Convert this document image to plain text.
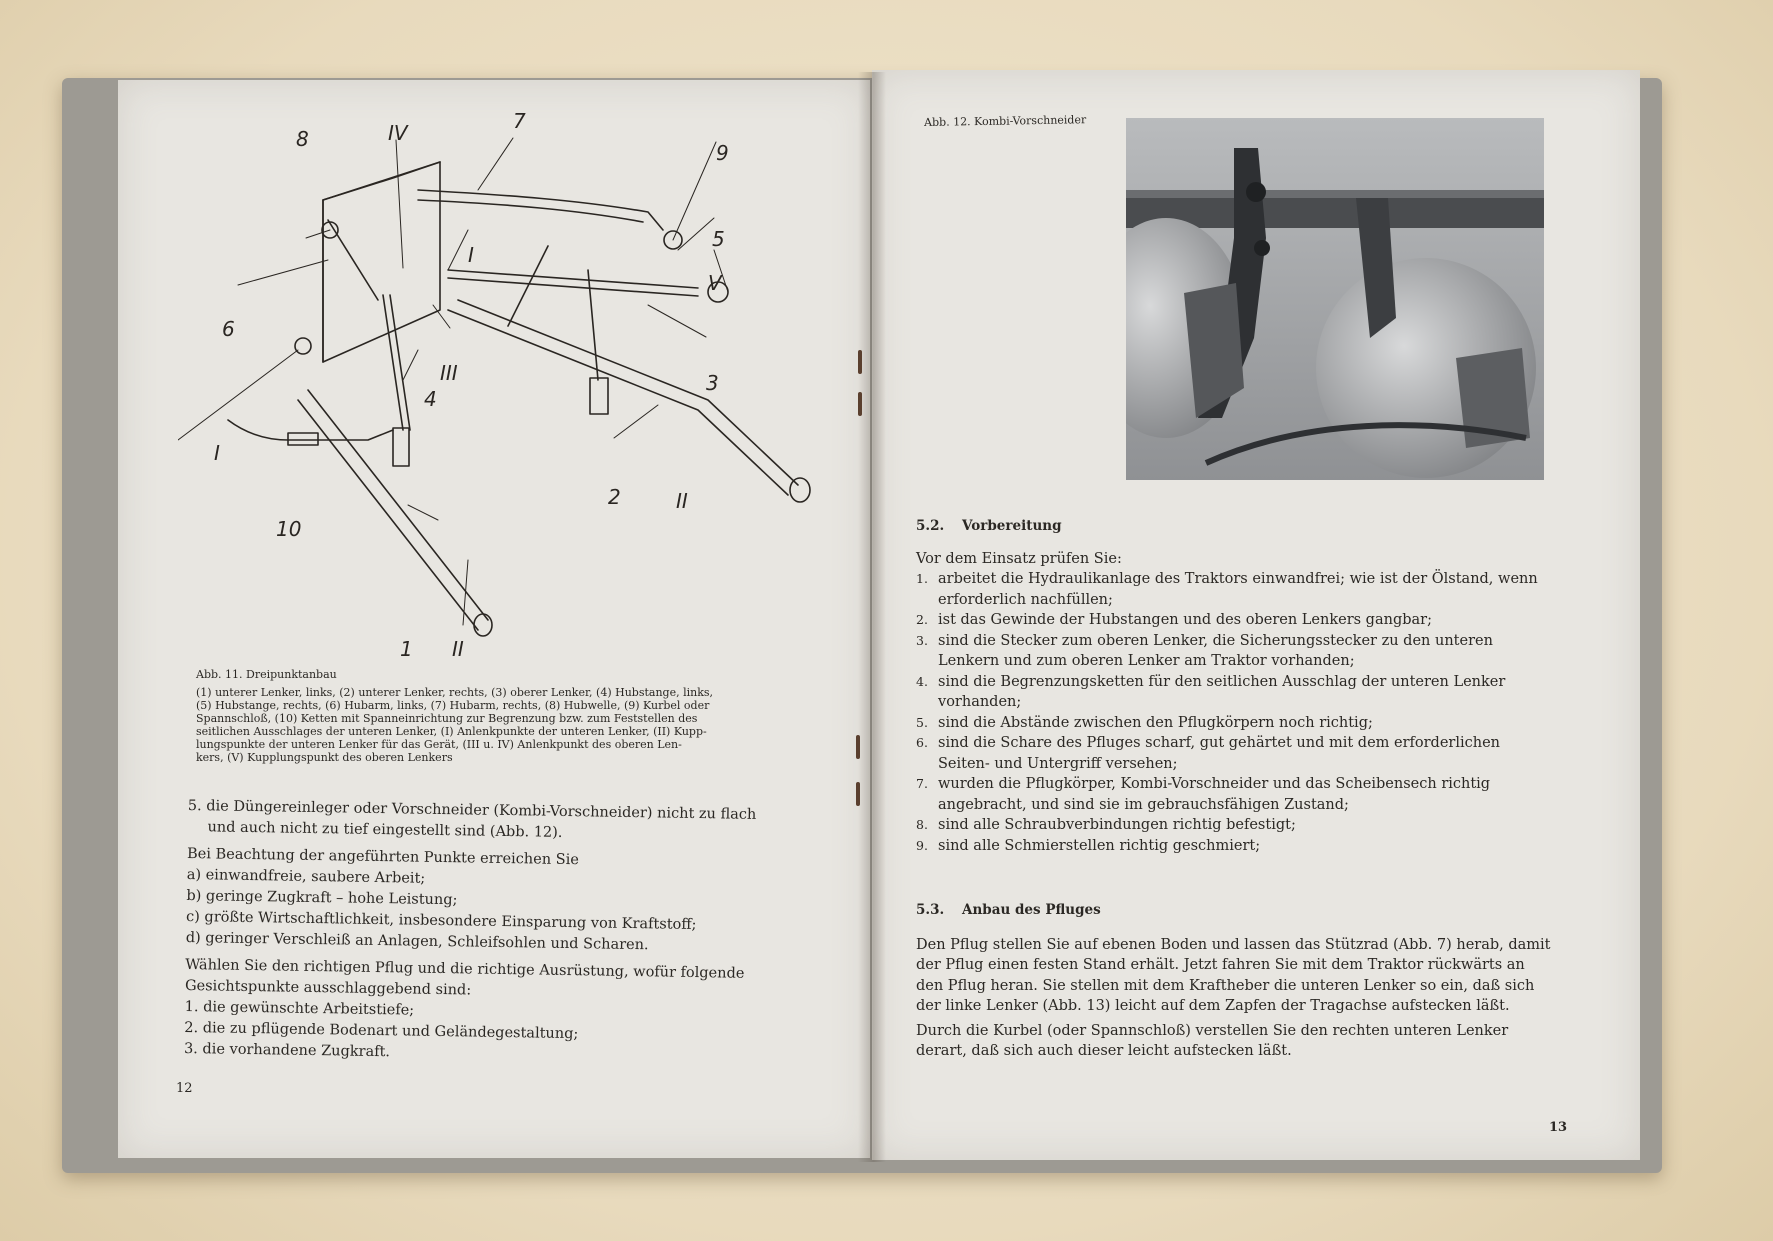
8	IV	7
9
5
I
V
6
III	3
4
I
2	II
10
1 II
Abb. 11. Dreipunktanbau
(1) unterer Lenker, links, (2) unterer Lenker, rechts, (3) oberer Lenker, (4) Hubstange, links,
(5) Hubstange, rechts, (6) Hubarm, links, (7) Hubarm, rechts, (8) Hubwelle, (9) Kurbel oder
Spannschloß, (10) Ketten mit Spanneinrichtung zur Begrenzung bzw. zum Feststellen des
seitlichen Ausschlages der unteren Lenker, (I) Anlenkpunkte der unteren Lenker, (II) Kupp-
lungspunkte der unteren Lenker für das Gerät, (III u. IV) Anlenkpunkt des oberen Len-
kers, (V) Kupplungspunkt des oberen Lenkers

5. die Düngereinleger oder Vorschneider (Kombi-Vorschneider) nicht zu flach

und auch nicht zu tief eingestellt sind (Abb. 12).

Bei Beachtung der angeführten Punkte erreichen Sie

a) einwandfreie, saubere Arbeit;

b) geringe Zugkraft – hohe Leistung;

c) größte Wirtschaftlichkeit, insbesondere Einsparung von Kraftstoff;

d) geringer Verschleiß an Anlagen, Schleifsohlen und Scharen.

Wählen Sie den richtigen Pflug und die richtige Ausrüstung, wofür folgende

Gesichtspunkte ausschlaggebend sind:

1. die gewünschte Arbeitstiefe;

2. die zu pflügende Bodenart und Geländegestaltung;

3. die vorhandene Zugkraft.

12
Abb. 12. Kombi-Vorschneider

5.2. Vorbereitung

Vor dem Einsatz prüfen Sie:

1. arbeitet die Hydraulikanlage des Traktors einwandfrei; wie ist der Ölstand, wenn erforderlich nachfüllen;
2. ist das Gewinde der Hubstangen und des oberen Lenkers gangbar;
3. sind die Stecker zum oberen Lenker, die Sicherungsstecker zu den unteren Lenkern und zum oberen Lenker am Traktor vorhanden;
4. sind die Begrenzungsketten für den seitlichen Ausschlag der unteren Lenker vorhanden;
5. sind die Abstände zwischen den Pflugkörpern noch richtig;
6. sind die Schare des Pfluges scharf, gut gehärtet und mit dem erforderlichen Seiten- und Untergriff versehen;
7. wurden die Pflugkörper, Kombi-Vorschneider und das Scheibensech richtig angebracht, und sind sie im gebrauchsfähigen Zustand;
8. sind alle Schraubverbindungen richtig befestigt;
9. sind alle Schmierstellen richtig geschmiert;

5.3. Anbau des Pfluges

Den Pflug stellen Sie auf ebenen Boden und lassen das Stützrad (Abb. 7) herab, damit der Pflug einen festen Stand erhält. Jetzt fahren Sie mit dem Traktor rückwärts an den Pflug heran. Sie stellen mit dem Kraftheber die unteren Lenker so ein, daß sich der linke Lenker (Abb. 13) leicht auf dem Zapfen der Tragachse aufstecken läßt.

Durch die Kurbel (oder Spannschloß) verstellen Sie den rechten unteren Lenker derart, daß sich auch dieser leicht aufstecken läßt.

13
